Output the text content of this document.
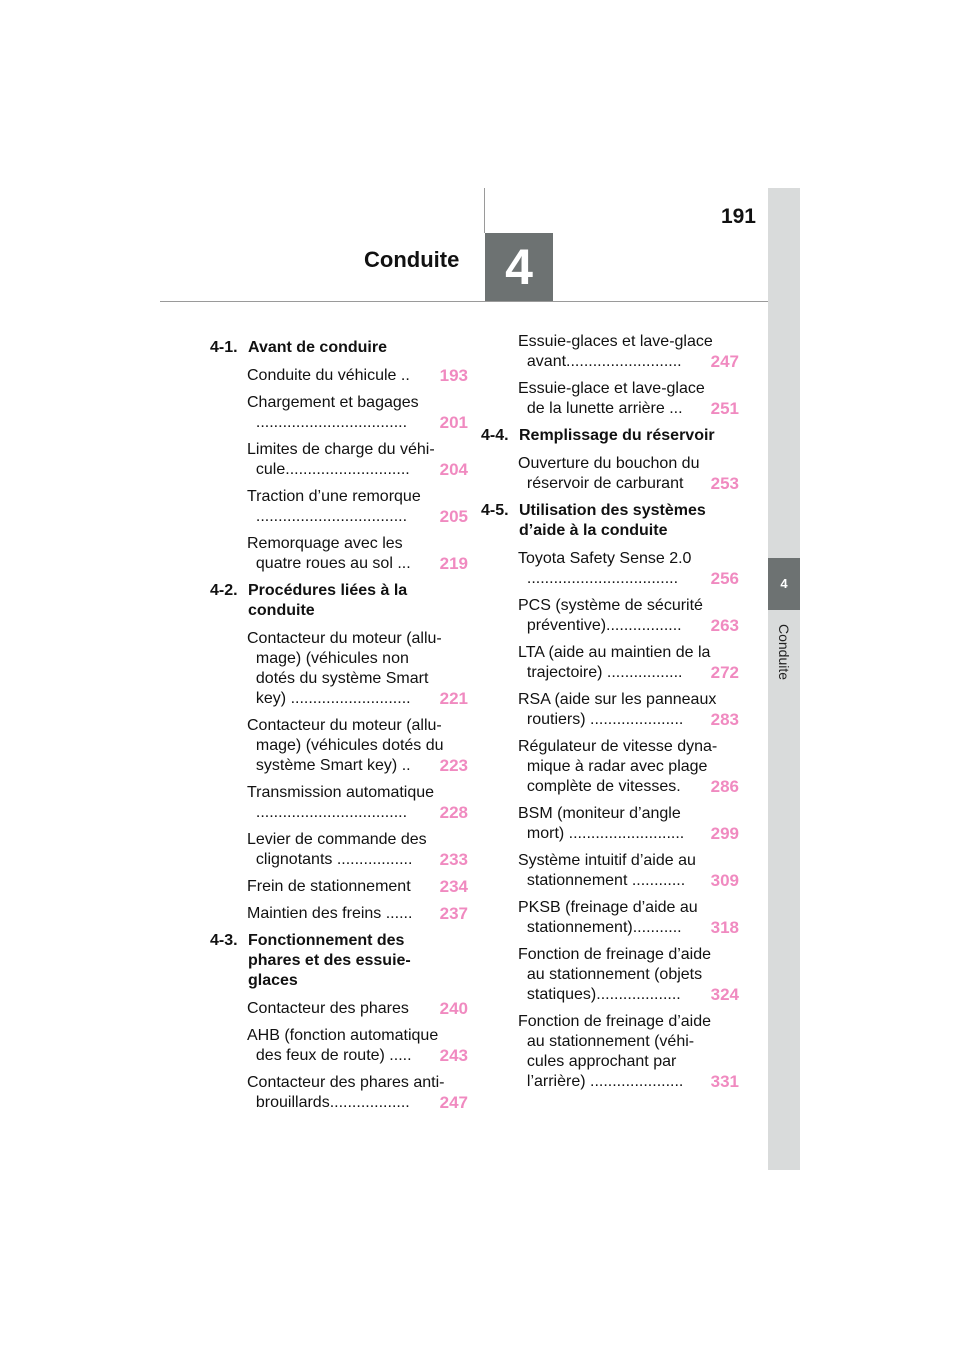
Conduite 4
191
4
Conduite
4-1. Avant de conduire
Conduite du véhicule ..	193
Chargement et bagages
..................................	201
Limites de charge du véhi-
cule............................	204
Traction d’une remorque
..................................	205
Remorquage avec les
quatre roues au sol ...	219
4-2. Procédures liées à la
conduite
Contacteur du moteur (allu-
mage) (véhicules non
dotés du système Smart
key) ...........................	221
Contacteur du moteur (allu-
mage) (véhicules dotés du
système Smart key) ..	223
Transmission automatique
..................................	228
Levier de commande des
clignotants .................	233
Frein de stationnement	234
Maintien des freins ......	237
4-3. Fonctionnement des
phares et des essuie-
glaces
Contacteur des phares	240
AHB (fonction automatique
des feux de route) .....	243
Contacteur des phares anti-
brouillards..................	247
Essuie-glaces et lave-glace
avant..........................	247
Essuie-glace et lave-glace
de la lunette arrière ...	251
4-4. Remplissage du réservoir
Ouverture du bouchon du
réservoir de carburant	253
4-5. Utilisation des systèmes
d’aide à la conduite
Toyota Safety Sense 2.0
..................................	256
PCS (système de sécurité
préventive).................	263
LTA (aide au maintien de la
trajectoire) .................	272
RSA (aide sur les panneaux
routiers) .....................	283
Régulateur de vitesse dyna-
mique à radar avec plage
complète de vitesses.	286
BSM (moniteur d’angle
mort) ..........................	299
Système intuitif d’aide au
stationnement ............	309
PKSB (freinage d’aide au
stationnement)...........	318
Fonction de freinage d’aide
au stationnement (objets
statiques)...................	324
Fonction de freinage d’aide
au stationnement (véhi-
cules approchant par
l’arrière) .....................	331
